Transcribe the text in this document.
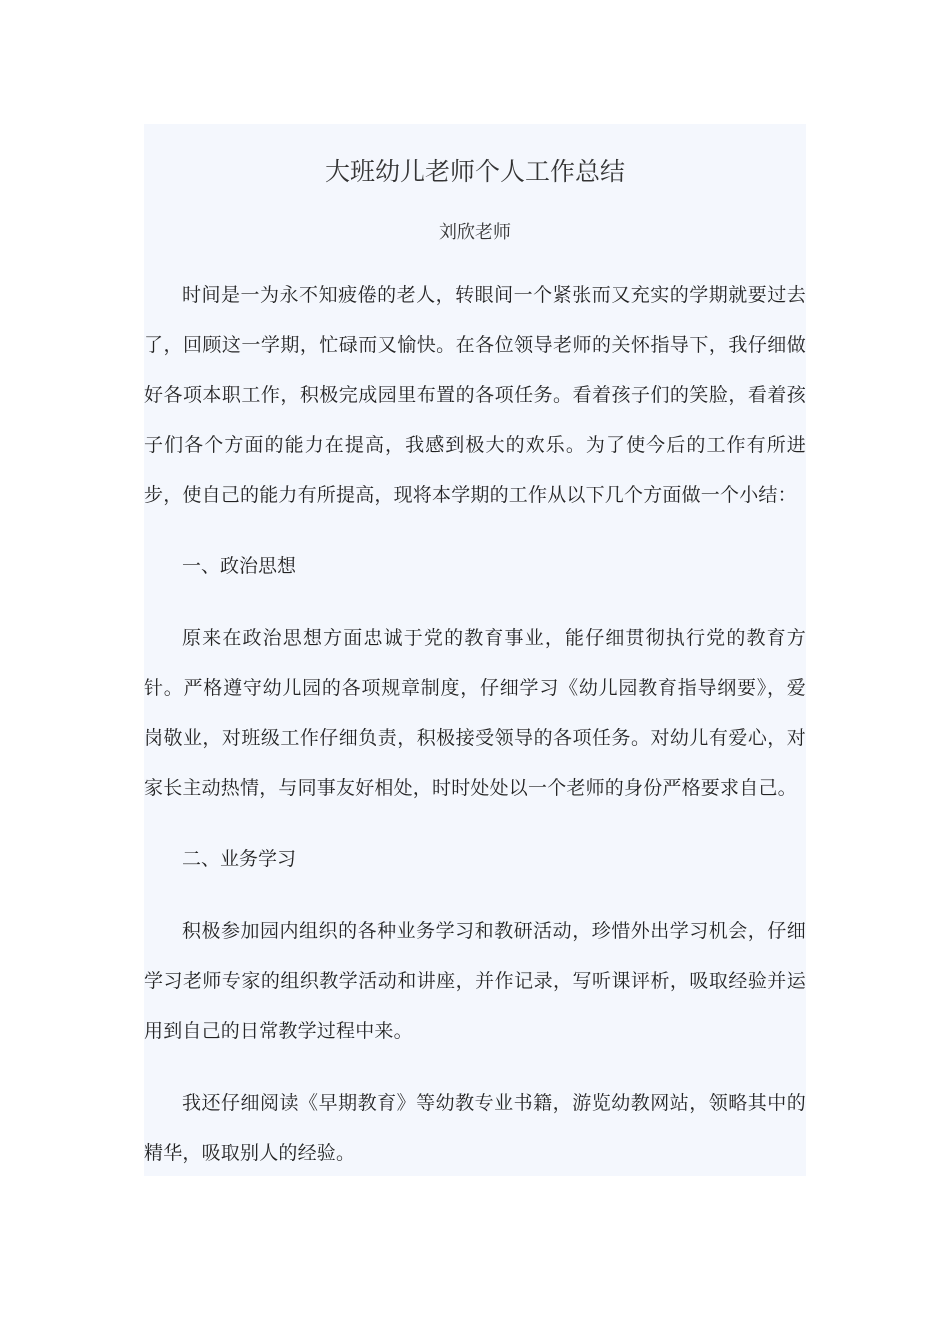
大班幼儿老师个人工作总结

刘欣老师

时间是一为永不知疲倦的老人，转眼间一个紧张而又充实的学期就要过去了，回顾这一学期，忙碌而又愉快。在各位领导老师的关怀指导下，我仔细做好各项本职工作，积极完成园里布置的各项任务。看着孩子们的笑脸，看着孩子们各个方面的能力在提高，我感到极大的欢乐。为了使今后的工作有所进步，使自己的能力有所提高，现将本学期的工作从以下几个方面做一个小结：

一、政治思想

原来在政治思想方面忠诚于党的教育事业，能仔细贯彻执行党的教育方针。严格遵守幼儿园的各项规章制度，仔细学习《幼儿园教育指导纲要》，爱岗敬业，对班级工作仔细负责，积极接受领导的各项任务。对幼儿有爱心，对家长主动热情，与同事友好相处，时时处处以一个老师的身份严格要求自己。

二、业务学习

积极参加园内组织的各种业务学习和教研活动，珍惜外出学习机会，仔细学习老师专家的组织教学活动和讲座，并作记录，写听课评析，吸取经验并运用到自己的日常教学过程中来。

我还仔细阅读《早期教育》等幼教专业书籍，游览幼教网站，领略其中的精华，吸取别人的经验。
